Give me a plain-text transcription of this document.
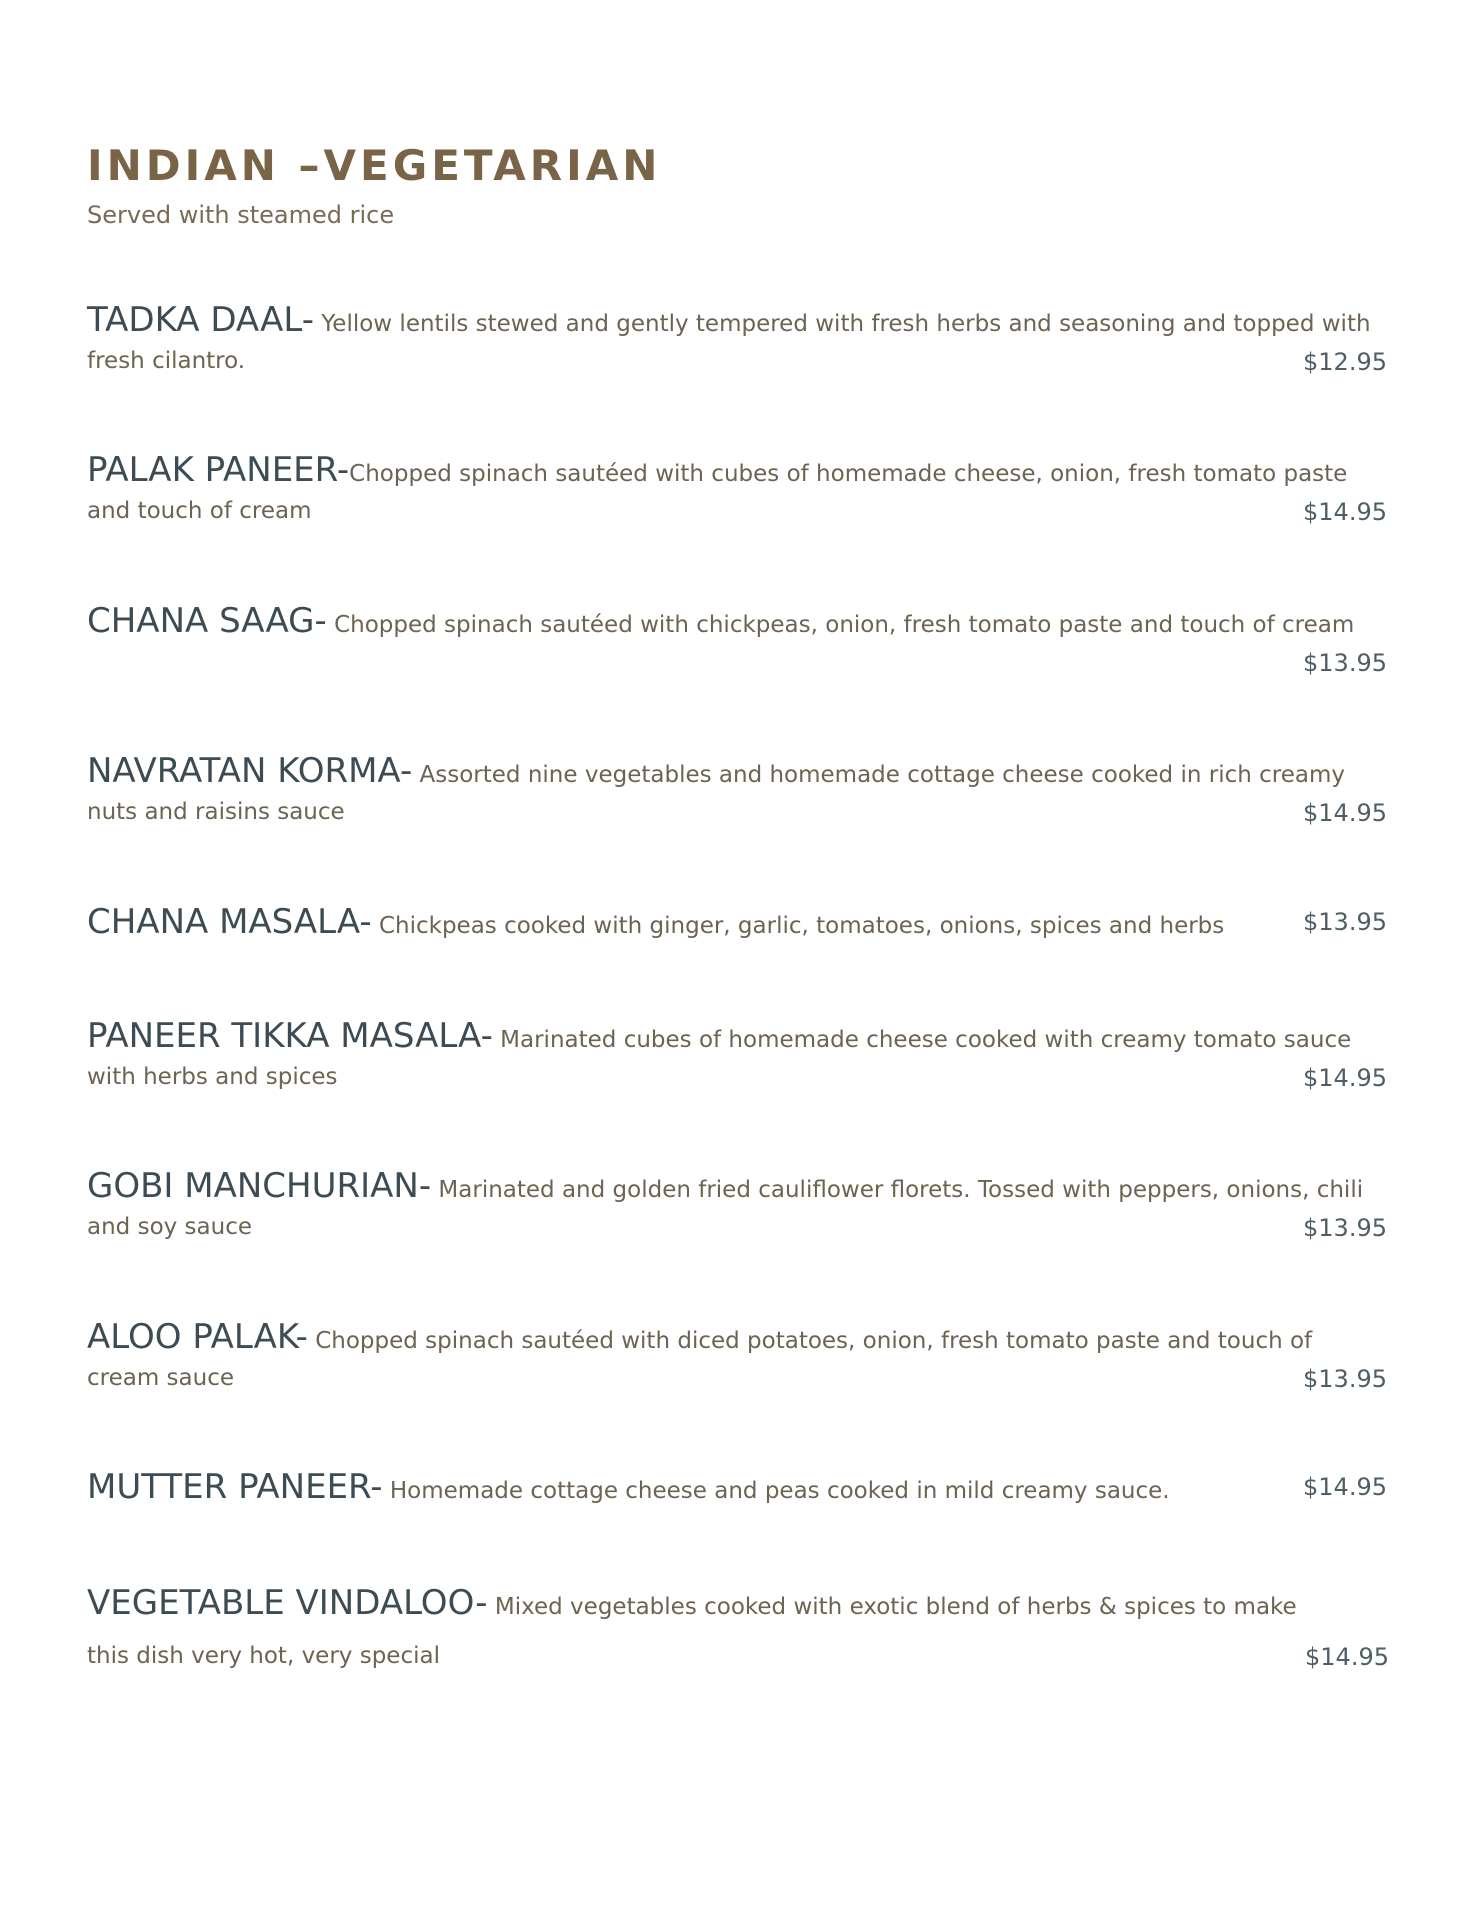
INDIAN –VEGETARIAN

Served with steamed rice

TADKA DAAL- Yellow lentils stewed and gently tempered with fresh herbs and seasoning and topped with
fresh cilantro.	$12.95
PALAK PANEER-Chopped spinach sautéed with cubes of homemade cheese, onion, fresh tomato paste
and touch of cream	$14.95
CHANA SAAG- Chopped spinach sautéed with chickpeas, onion, fresh tomato paste and touch of cream
$13.95
NAVRATAN KORMA- Assorted nine vegetables and homemade cottage cheese cooked in rich creamy
nuts and raisins sauce	$14.95
CHANA MASALA- Chickpeas cooked with ginger, garlic, tomatoes, onions, spices and herbs	$13.95
PANEER TIKKA MASALA- Marinated cubes of homemade cheese cooked with creamy tomato sauce
with herbs and spices	$14.95
GOBI MANCHURIAN- Marinated and golden fried cauliflower florets. Tossed with peppers, onions, chili
and soy sauce	$13.95
ALOO PALAK- Chopped spinach sautéed with diced potatoes, onion, fresh tomato paste and touch of
cream sauce	$13.95
MUTTER PANEER- Homemade cottage cheese and peas cooked in mild creamy sauce.	$14.95
VEGETABLE VINDALOO- Mixed vegetables cooked with exotic blend of herbs & spices to make
this dish very hot, very special	$14.95
